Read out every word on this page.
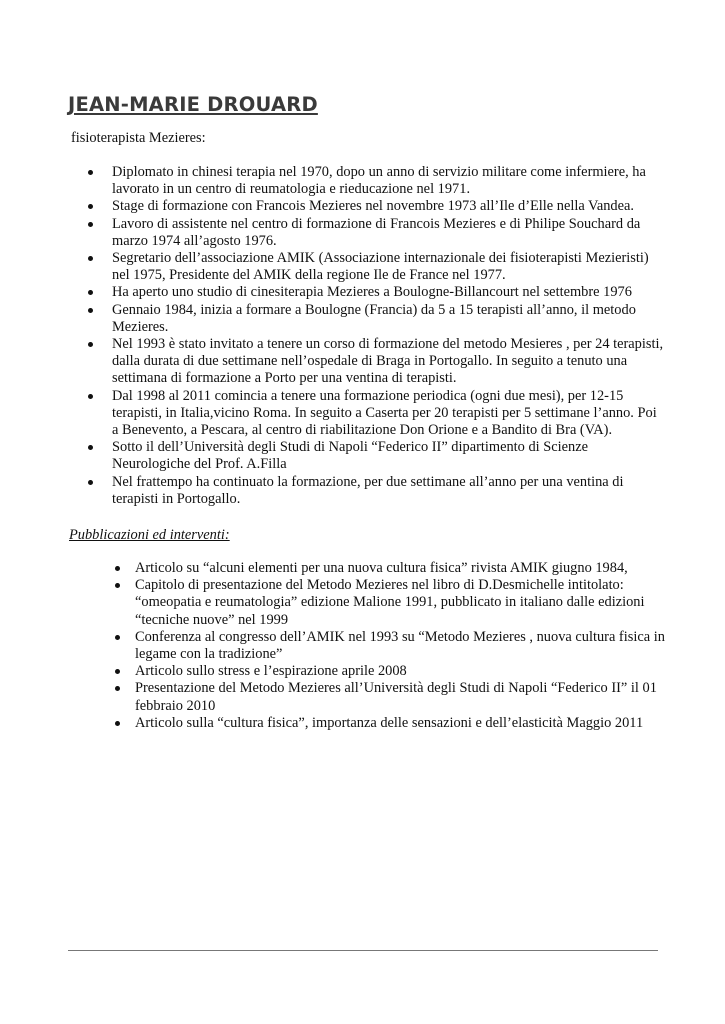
JEAN-MARIE DROUARD

fisioterapista Mezieres:

Diplomato in chinesi terapia nel 1970, dopo un anno di servizio militare come infermiere, ha lavorato in un centro di reumatologia e rieducazione nel 1971.
Stage di formazione con Francois Mezieres nel novembre 1973 all’Ile d’Elle nella Vandea.
Lavoro di assistente nel centro di formazione di Francois Mezieres e di Philipe Souchard da marzo 1974 all’agosto 1976.
Segretario dell’associazione AMIK (Associazione internazionale dei fisioterapisti Mezieristi) nel 1975, Presidente del AMIK della regione Ile de France nel 1977.
Ha aperto uno studio di cinesiterapia Mezieres a Boulogne-Billancourt nel settembre 1976
Gennaio 1984, inizia a formare a Boulogne (Francia) da 5 a 15 terapisti all’anno, il metodo Mezieres.
Nel 1993 è stato invitato a tenere un corso di formazione del metodo Mesieres , per 24 terapisti, dalla durata di due settimane nell’ospedale di Braga in Portogallo. In seguito a tenuto una settimana di formazione a Porto per una ventina di terapisti.
Dal 1998 al 2011 comincia a tenere una formazione periodica (ogni due mesi), per 12-15 terapisti, in Italia,vicino Roma. In seguito a Caserta per 20 terapisti per 5 settimane l’anno. Poi a Benevento, a Pescara, al centro di riabilitazione Don Orione e a Bandito di Bra (VA).
Sotto il dell’Università degli Studi di Napoli “Federico II” dipartimento di Scienze Neurologiche del Prof. A.Filla
Nel frattempo ha continuato la formazione, per due settimane all’anno per una ventina di terapisti in Portogallo.

Pubblicazioni ed interventi:

Articolo su “alcuni elementi per una nuova cultura fisica” rivista AMIK giugno 1984,
Capitolo di presentazione del Metodo Mezieres nel libro di D.Desmichelle intitolato: “omeopatia e reumatologia” edizione Malione 1991, pubblicato in italiano dalle edizioni “tecniche nuove” nel 1999
Conferenza al congresso dell’AMIK nel 1993 su “Metodo Mezieres , nuova cultura fisica in legame con la tradizione”
Articolo sullo stress e l’espirazione aprile 2008
Presentazione del Metodo Mezieres all’Università degli Studi di Napoli “Federico II” il 01 febbraio 2010
Articolo sulla “cultura fisica”, importanza delle sensazioni e dell’elasticità Maggio 2011
